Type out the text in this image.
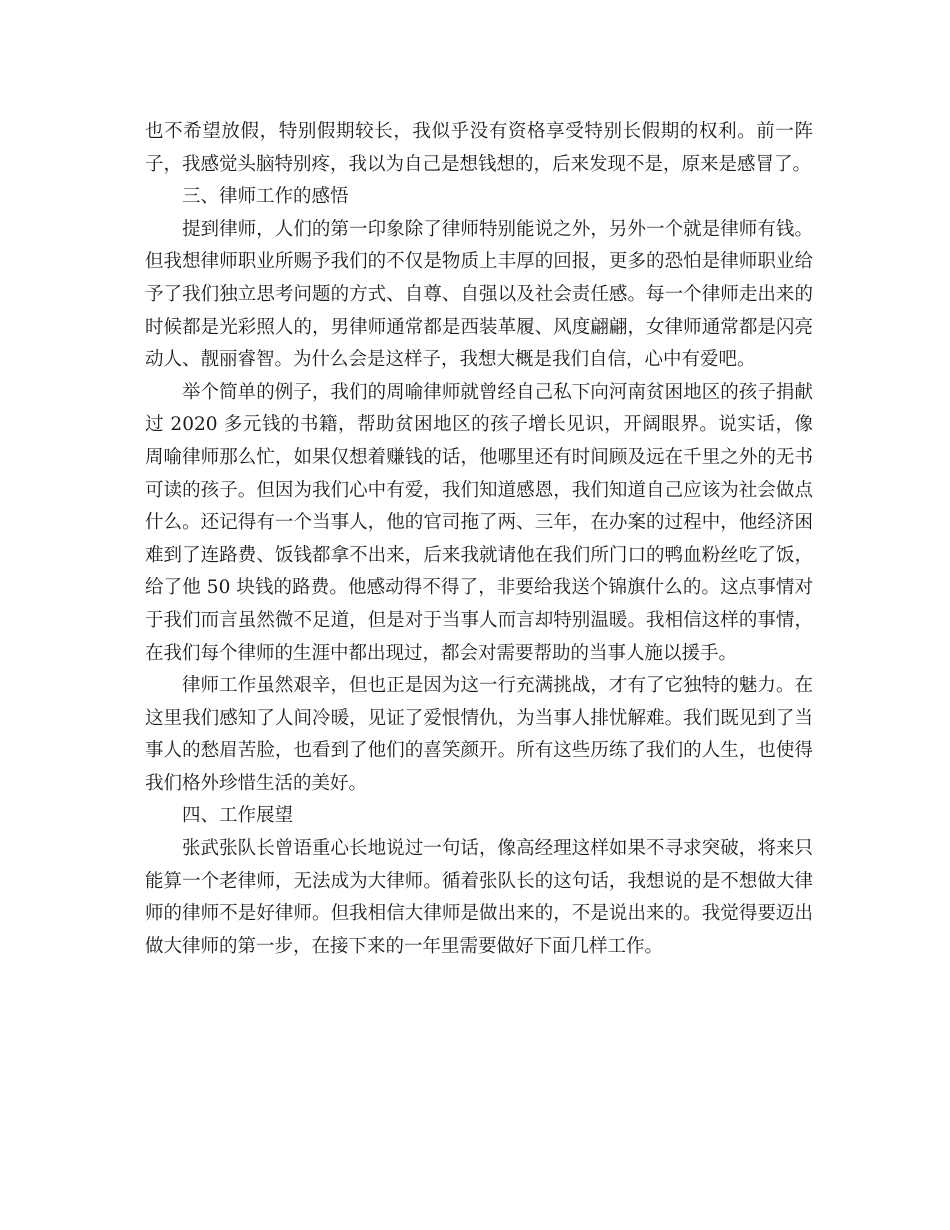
也不希望放假，特别假期较长，我似乎没有资格享受特别长假期的权利。前一阵子，我感觉头脑特别疼，我以为自己是想钱想的，后来发现不是，原来是感冒了。

三、律师工作的感悟

提到律师，人们的第一印象除了律师特别能说之外，另外一个就是律师有钱。但我想律师职业所赐予我们的不仅是物质上丰厚的回报，更多的恐怕是律师职业给予了我们独立思考问题的方式、自尊、自强以及社会责任感。每一个律师走出来的时候都是光彩照人的，男律师通常都是西装革履、风度翩翩，女律师通常都是闪亮动人、靓丽睿智。为什么会是这样子，我想大概是我们自信，心中有爱吧。

举个简单的例子，我们的周喻律师就曾经自己私下向河南贫困地区的孩子捐献过 2020 多元钱的书籍，帮助贫困地区的孩子增长见识，开阔眼界。说实话，像周喻律师那么忙，如果仅想着赚钱的话，他哪里还有时间顾及远在千里之外的无书可读的孩子。但因为我们心中有爱，我们知道感恩，我们知道自己应该为社会做点什么。还记得有一个当事人，他的官司拖了两、三年，在办案的过程中，他经济困难到了连路费、饭钱都拿不出来，后来我就请他在我们所门口的鸭血粉丝吃了饭，给了他 50 块钱的路费。他感动得不得了，非要给我送个锦旗什么的。这点事情对于我们而言虽然微不足道，但是对于当事人而言却特别温暖。我相信这样的事情，在我们每个律师的生涯中都出现过，都会对需要帮助的当事人施以援手。

律师工作虽然艰辛，但也正是因为这一行充满挑战，才有了它独特的魅力。在这里我们感知了人间冷暖，见证了爱恨情仇，为当事人排忧解难。我们既见到了当事人的愁眉苦脸，也看到了他们的喜笑颜开。所有这些历练了我们的人生，也使得我们格外珍惜生活的美好。

四、工作展望

张武张队长曾语重心长地说过一句话，像高经理这样如果不寻求突破，将来只能算一个老律师，无法成为大律师。循着张队长的这句话，我想说的是不想做大律师的律师不是好律师。但我相信大律师是做出来的，不是说出来的。我觉得要迈出做大律师的第一步，在接下来的一年里需要做好下面几样工作。
